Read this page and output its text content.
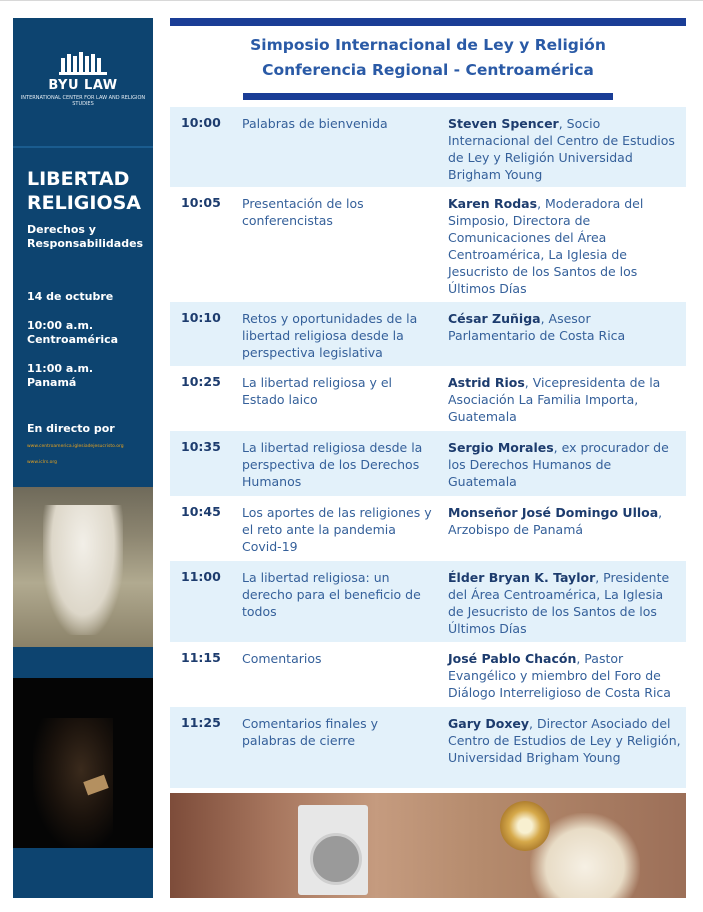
BYU LAW
INTERNATIONAL CENTER FOR LAW AND RELIGION STUDIES
LIBERTAD
RELIGIOSA
Derechos y Responsabilidades
14 de octubre
10:00 a.m.
Centroamérica
11:00 a.m.
Panamá
En directo por
www.centroamerica.iglesiadejesucristo.org
www.iclrs.org
Simposio Internacional de Ley y Religión
Conferencia Regional - Centroamérica
10:00 Palabras de bienvenida	Steven Spencer, Socio Internacional del Centro de Estudios de Ley y Religión Universidad Brigham Young
10:05 Presentación de los conferencistas
Karen Rodas, Moderadora del Simposio, Directora de Comunicaciones del Área Centroamérica, La Iglesia de Jesucristo de los Santos de los Últimos Días
10:10 Retos y oportunidades de la libertad religiosa desde la perspectiva legislativa
César Zuñiga, Asesor Parlamentario de Costa Rica
10:25 La libertad religiosa y el Estado laico
Astrid Rios, Vicepresidenta de la Asociación La Familia Importa, Guatemala
10:35 La libertad religiosa desde la perspectiva de los Derechos Humanos
Sergio Morales, ex procurador de los Derechos Humanos de Guatemala
10:45 Los aportes de las religiones y el reto ante la pandemia Covid-19
Monseñor José Domingo Ulloa, Arzobispo de Panamá
11:00 La libertad religiosa: un derecho para el beneficio de todos
Élder Bryan K. Taylor, Presidente del Área Centroamérica, La Iglesia de Jesucristo de los Santos de los Últimos Días
11:15 Comentarios	José Pablo Chacón, Pastor Evangélico y miembro del Foro de Diálogo Interreligioso de Costa Rica
11:25 Comentarios finales y palabras de cierre
Gary Doxey, Director Asociado del Centro de Estudios de Ley y Religión, Universidad Brigham Young
